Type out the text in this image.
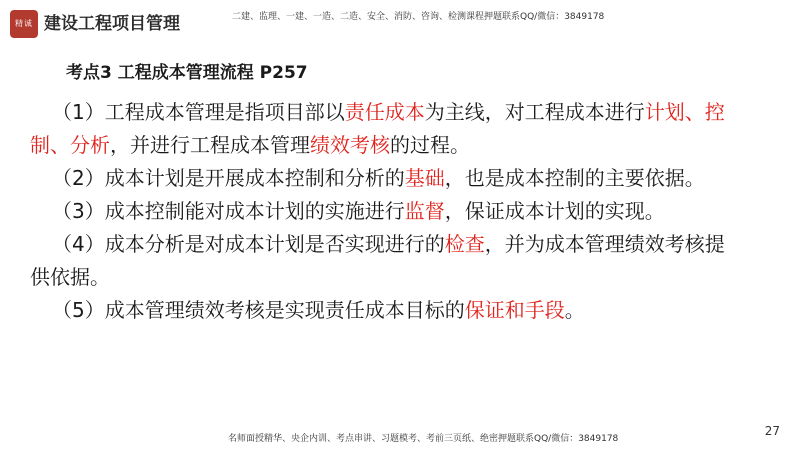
精诚 建设工程项目管理	二建、监理、一建、一造、二造、安全、消防、咨询、检测课程押题联系QQ/微信：3849178
考点3 工程成本管理流程 P257

（1）工程成本管理是指项目部以责任成本为主线，对工程成本进行计划、控

制、分析，并进行工程成本管理绩效考核的过程。

（2）成本计划是开展成本控制和分析的基础，也是成本控制的主要依据。

（3）成本控制能对成本计划的实施进行监督，保证成本计划的实现。

（4）成本分析是对成本计划是否实现进行的检查，并为成本管理绩效考核提

供依据。

（5）成本管理绩效考核是实现责任成本目标的保证和手段。

27
名师面授精华、央企内训、考点串讲、习题模考、考前三页纸、绝密押题联系QQ/微信：3849178
